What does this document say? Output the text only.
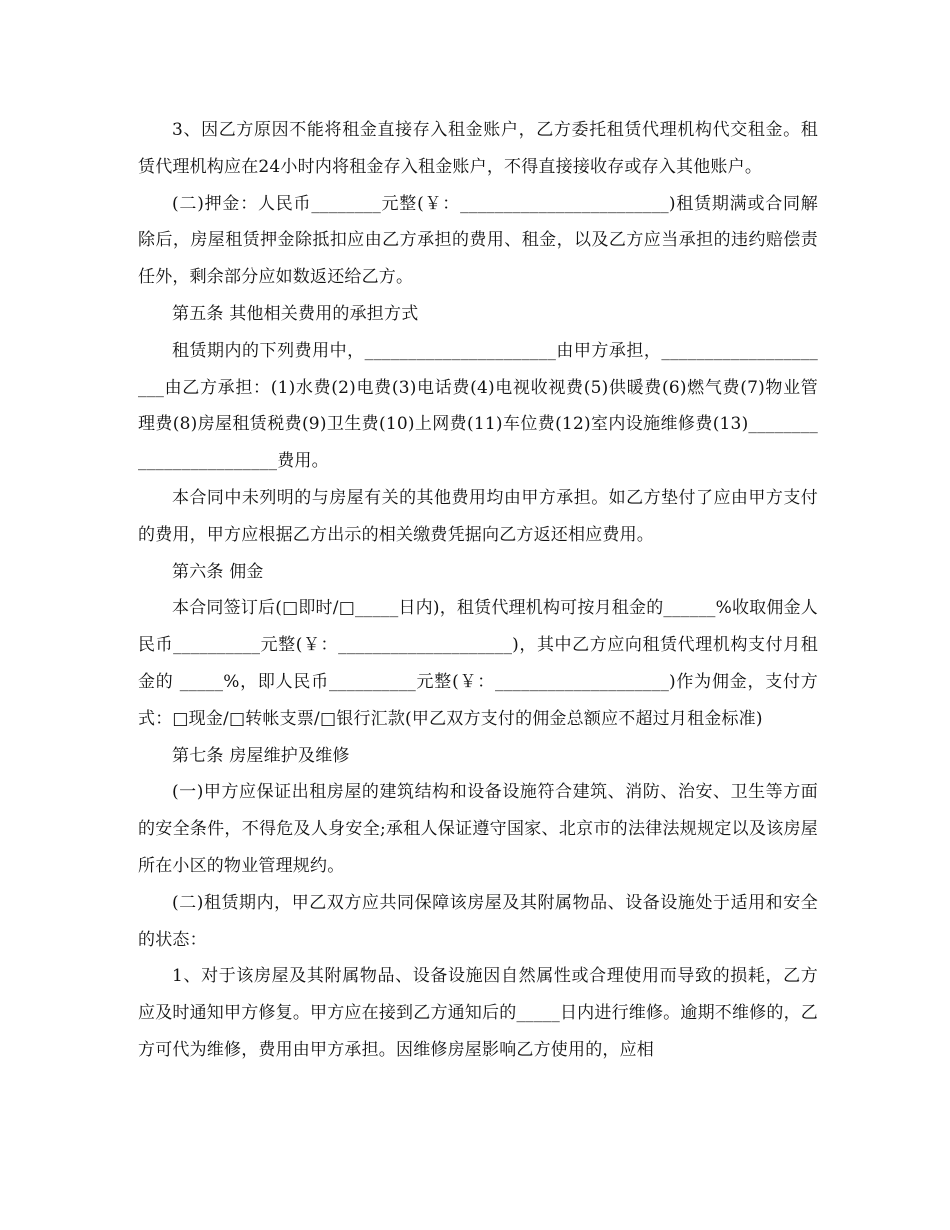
3、因乙方原因不能将租金直接存入租金账户，乙方委托租赁代理机构代交租金。租赁代理机构应在24小时内将租金存入租金账户，不得直接接收存或存入其他账户。

(二)押金：人民币________元整(￥：________________________)租赁期满或合同解除后，房屋租赁押金除抵扣应由乙方承担的费用、租金，以及乙方应当承担的违约赔偿责任外，剩余部分应如数返还给乙方。

第五条 其他相关费用的承担方式

租赁期内的下列费用中，______________________由甲方承担，_____________________由乙方承担：(1)水费(2)电费(3)电话费(4)电视收视费(5)供暖费(6)燃气费(7)物业管理费(8)房屋租赁税费(9)卫生费(10)上网费(11)车位费(12)室内设施维修费(13)________________________费用。

本合同中未列明的与房屋有关的其他费用均由甲方承担。如乙方垫付了应由甲方支付的费用，甲方应根据乙方出示的相关缴费凭据向乙方返还相应费用。

第六条 佣金

本合同签订后(□即时/□_____日内)，租赁代理机构可按月租金的______%收取佣金人民币__________元整(￥：____________________)，其中乙方应向租赁代理机构支付月租金的 _____%，即人民币__________元整(￥：____________________)作为佣金，支付方式：□现金/□转帐支票/□银行汇款(甲乙双方支付的佣金总额应不超过月租金标准)

第七条 房屋维护及维修

(一)甲方应保证出租房屋的建筑结构和设备设施符合建筑、消防、治安、卫生等方面的安全条件，不得危及人身安全;承租人保证遵守国家、北京市的法律法规规定以及该房屋所在小区的物业管理规约。

(二)租赁期内，甲乙双方应共同保障该房屋及其附属物品、设备设施处于适用和安全的状态：

1、对于该房屋及其附属物品、设备设施因自然属性或合理使用而导致的损耗，乙方应及时通知甲方修复。甲方应在接到乙方通知后的_____日内进行维修。逾期不维修的，乙方可代为维修，费用由甲方承担。因维修房屋影响乙方使用的，应相
